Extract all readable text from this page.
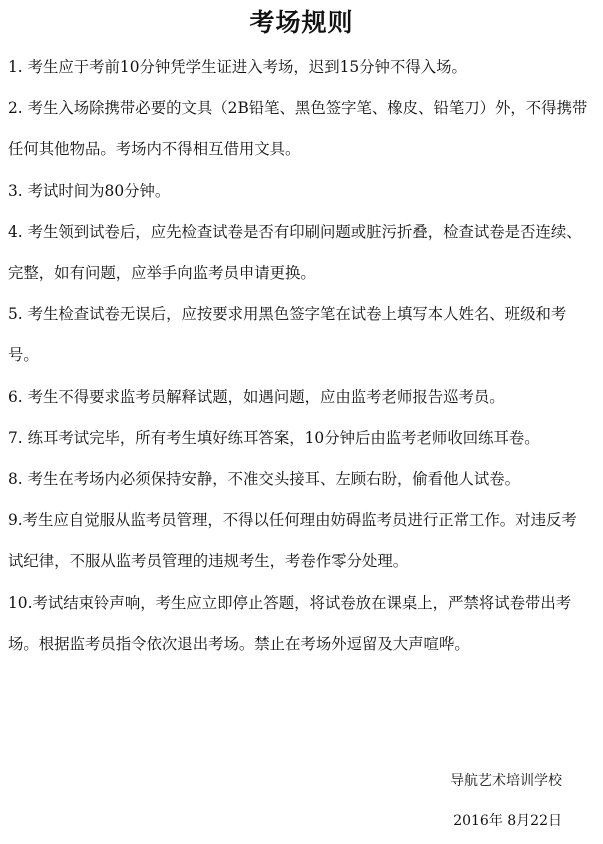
考场规则

1. 考生应于考前10分钟凭学生证进入考场，迟到15分钟不得入场。

2. 考生入场除携带必要的文具（2B铅笔、黑色签字笔、橡皮、铅笔刀）外，不得携带任何其他物品。考场内不得相互借用文具。

3. 考试时间为80分钟。

4. 考生领到试卷后，应先检查试卷是否有印刷问题或脏污折叠，检查试卷是否连续、完整，如有问题，应举手向监考员申请更换。

5. 考生检查试卷无误后，应按要求用黑色签字笔在试卷上填写本人姓名、班级和考号。

6. 考生不得要求监考员解释试题，如遇问题，应由监考老师报告巡考员。

7. 练耳考试完毕，所有考生填好练耳答案，10分钟后由监考老师收回练耳卷。

8. 考生在考场内必须保持安静，不准交头接耳、左顾右盼，偷看他人试卷。

9.考生应自觉服从监考员管理，不得以任何理由妨碍监考员进行正常工作。对违反考试纪律，不服从监考员管理的违规考生，考卷作零分处理。

10.考试结束铃声响，考生应立即停止答题，将试卷放在课桌上，严禁将试卷带出考场。根据监考员指令依次退出考场。禁止在考场外逗留及大声喧哗。

导航艺术培训学校
2016年 8月22日
